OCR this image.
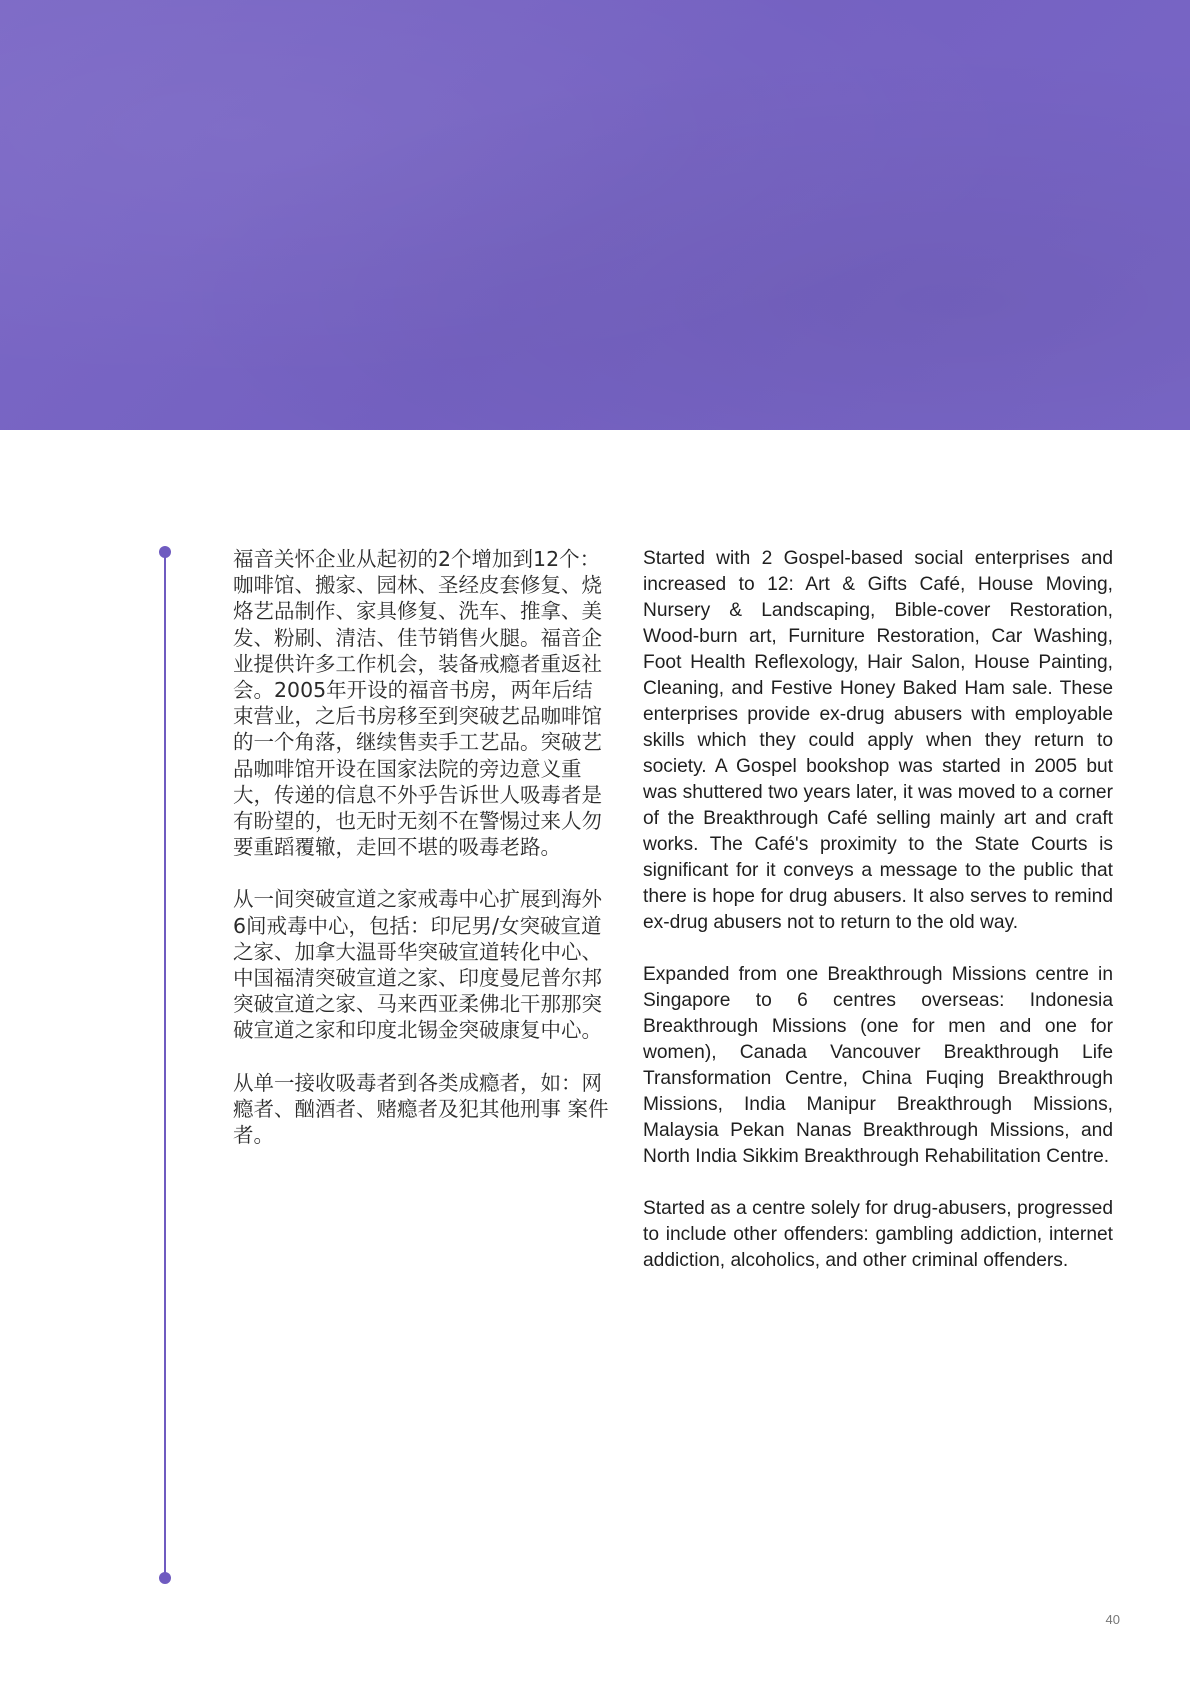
福音关怀企业从起初的2个增加到12个：咖啡馆、搬家、园林、圣经皮套修复、烧烙艺品制作、家具修复、洗车、推拿、美发、粉刷、清洁、佳节销售火腿。福音企业提供许多工作机会，装备戒瘾者重返社会。2005年开设的福音书房，两年后结束营业，之后书房移至到突破艺品咖啡馆的一个角落，继续售卖手工艺品。突破艺品咖啡馆开设在国家法院的旁边意义重大，传递的信息不外乎告诉世人吸毒者是有盼望的，也无时无刻不在警惕过来人勿要重蹈覆辙，走回不堪的吸毒老路。

从一间突破宣道之家戒毒中心扩展到海外6间戒毒中心，包括：印尼男/女突破宣道之家、加拿大温哥华突破宣道转化中心、中国福清突破宣道之家、印度曼尼普尔邦突破宣道之家、马来西亚柔佛北干那那突破宣道之家和印度北锡金突破康复中心。

从单一接收吸毒者到各类成瘾者，如：网瘾者、酗酒者、赌瘾者及犯其他刑事 案件者。

Started with 2 Gospel-based social enterprises and increased to 12: Art & Gifts Café, House Moving, Nursery & Landscaping, Bible-cover Restoration, Wood-burn art, Furniture Restoration, Car Washing, Foot Health Reflexology, Hair Salon, House Painting, Cleaning, and Festive Honey Baked Ham sale. These enterprises provide ex-drug abusers with employable skills which they could apply when they return to society. A Gospel bookshop was started in 2005 but was shuttered two years later, it was moved to a corner of the Breakthrough Café selling mainly art and craft works. The Café's proximity to the State Courts is significant for it conveys a message to the public that there is hope for drug abusers. It also serves to remind ex-drug abusers not to return to the old way.

Expanded from one Breakthrough Missions centre in Singapore to 6 centres overseas: Indonesia Breakthrough Missions (one for men and one for women), Canada Vancouver Breakthrough Life Transformation Centre, China Fuqing Breakthrough Missions, India Manipur Breakthrough Missions, Malaysia Pekan Nanas Breakthrough Missions, and North India Sikkim Breakthrough Rehabilitation Centre.

Started as a centre solely for drug-abusers, progressed to include other offenders: gambling addiction, internet addiction, alcoholics, and other criminal offenders.

40
